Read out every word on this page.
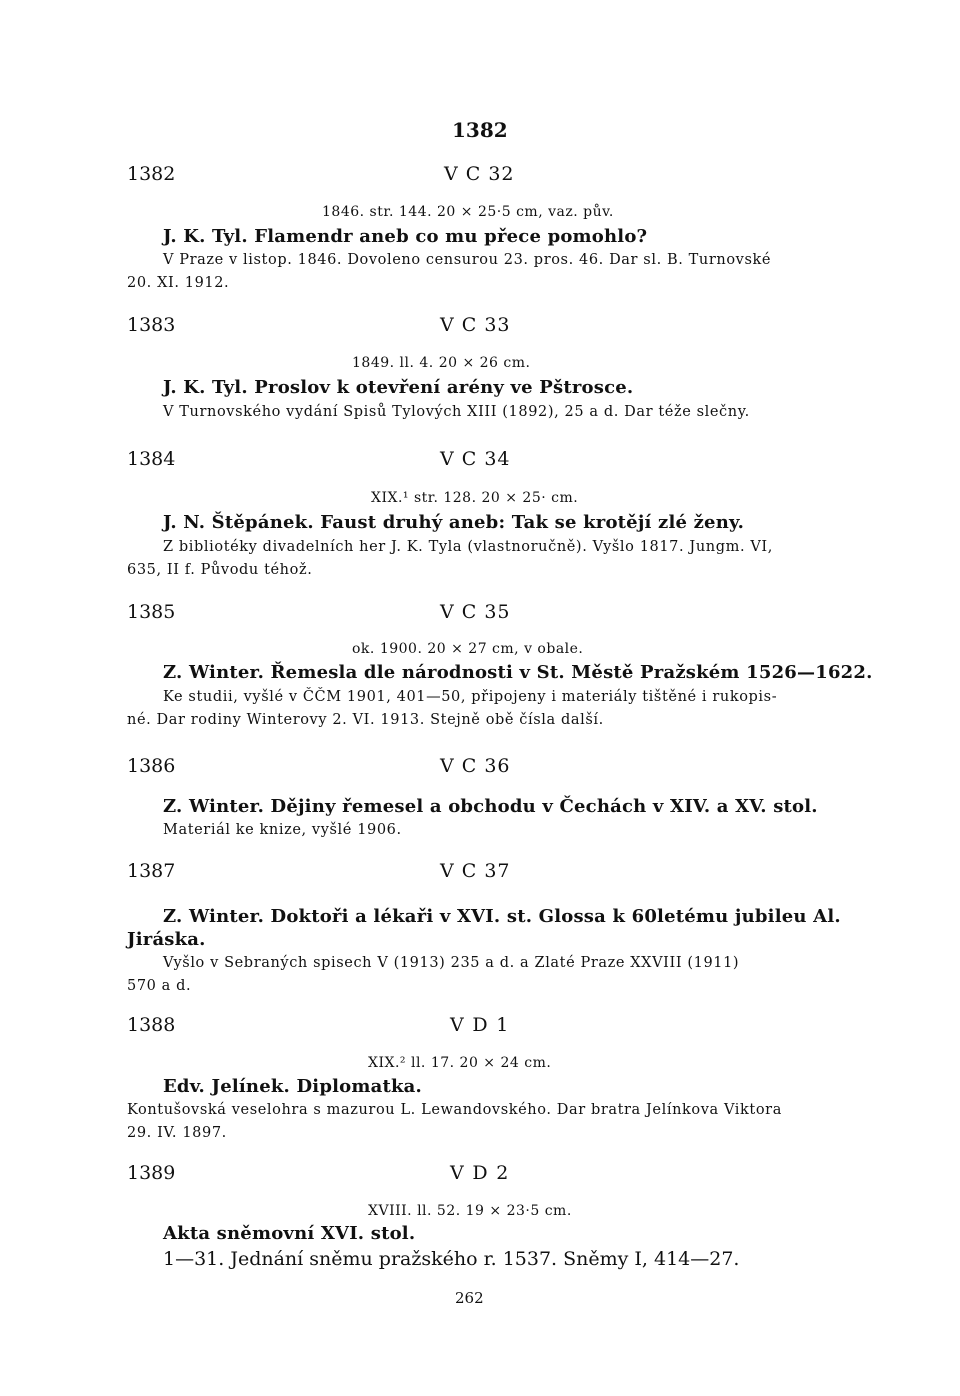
1382
1382	V C 32
1846. str. 144. 20 × 25·5 cm, vaz. pův.
J. K. Tyl. Flamendr aneb co mu přece pomohlo?
V Praze v listop. 1846. Dovoleno censurou 23. pros. 46. Dar sl. B. Turnovské
20. XI. 1912.
1383	V C 33
1849. ll. 4. 20 × 26 cm.
J. K. Tyl. Proslov k otevření arény ve Pštrosce.
V Turnovského vydání Spisů Tylových XIII (1892), 25 a d. Dar téže slečny.
1384	V C 34
XIX.¹ str. 128. 20 × 25· cm.
J. N. Štěpánek. Faust druhý aneb: Tak se krotějí zlé ženy.
Z bibliotéky divadelních her J. K. Tyla (vlastnoručně). Vyšlo 1817. Jungm. VI,
635, II f. Původu téhož.
1385	V C 35
ok. 1900. 20 × 27 cm, v obale.
Z. Winter. Řemesla dle národnosti v St. Městě Pražském 1526—1622.
Ke studii, vyšlé v ČČM 1901, 401—50, připojeny i materiály tištěné i rukopis-
né. Dar rodiny Winterovy 2. VI. 1913. Stejně obě čísla další.
1386	V C 36
Z. Winter. Dějiny řemesel a obchodu v Čechách v XIV. a XV. stol.
Materiál ke knize, vyšlé 1906.
1387	V C 37
Z. Winter. Doktoři a lékaři v XVI. st. Glossa k 60letému jubileu Al.
Jiráska.
Vyšlo v Sebraných spisech V (1913) 235 a d. a Zlaté Praze XXVIII (1911)
570 a d.
1388	V D 1
XIX.² ll. 17. 20 × 24 cm.
Edv. Jelínek. Diplomatka.
Kontušovská veselohra s mazurou L. Lewandovského. Dar bratra Jelínkova Viktora
29. IV. 1897.
1389	V D 2
XVIII. ll. 52. 19 × 23·5 cm.
Akta sněmovní XVI. stol.
1—31. Jednání sněmu pražského r. 1537. Sněmy I, 414—27.
262
